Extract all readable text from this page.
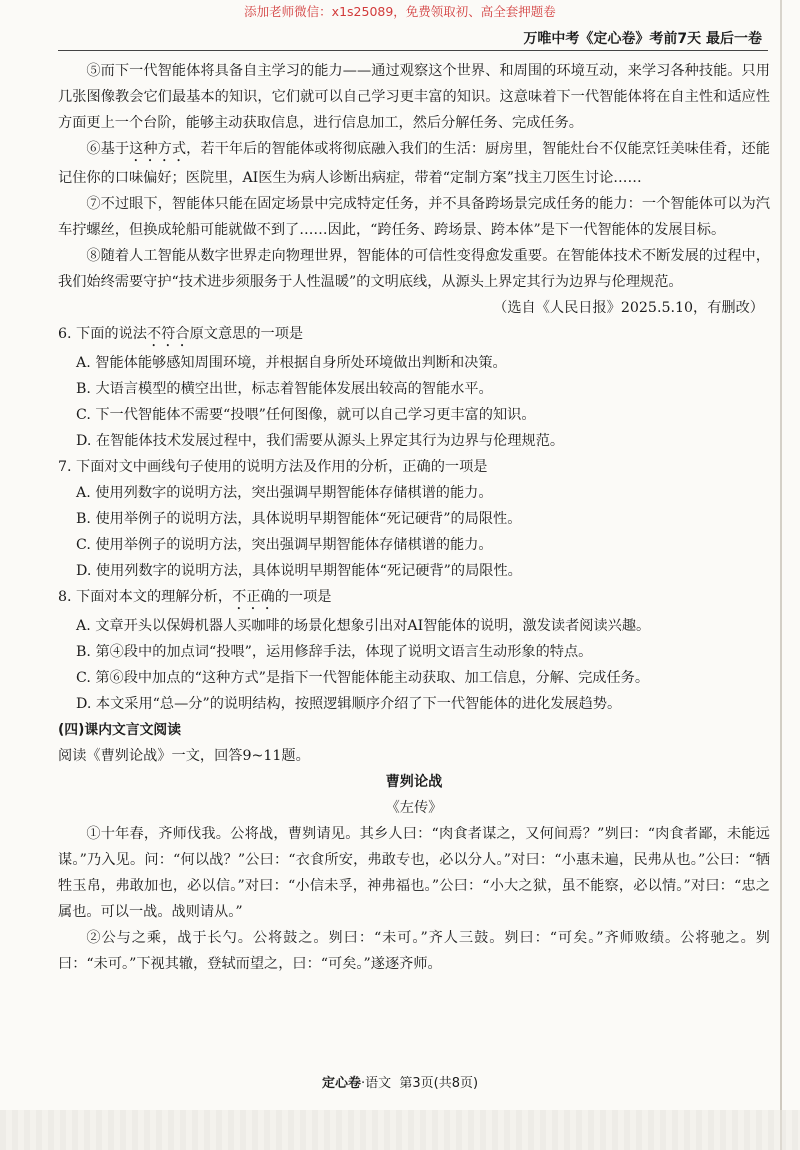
添加老师微信：x1s25089，免费领取初、高全套押题卷
万唯中考《定心卷》考前7天 最后一卷

⑤而下一代智能体将具备自主学习的能力——通过观察这个世界、和周围的环境互动，来学习各种技能。只用几张图像教会它们最基本的知识，它们就可以自己学习更丰富的知识。这意味着下一代智能体将在自主性和适应性方面更上一个台阶，能够主动获取信息，进行信息加工，然后分解任务、完成任务。

⑥基于这种方式，若干年后的智能体或将彻底融入我们的生活：厨房里，智能灶台不仅能烹饪美味佳肴，还能记住你的口味偏好；医院里，AI医生为病人诊断出病症，带着“定制方案”找主刀医生讨论……

⑦不过眼下，智能体只能在固定场景中完成特定任务，并不具备跨场景完成任务的能力：一个智能体可以为汽车拧螺丝，但换成轮船可能就做不到了……因此，“跨任务、跨场景、跨本体”是下一代智能体的发展目标。

⑧随着人工智能从数字世界走向物理世界，智能体的可信性变得愈发重要。在智能体技术不断发展的过程中，我们始终需要守护“技术进步须服务于人性温暖”的文明底线，从源头上界定其行为边界与伦理规范。

（选自《人民日报》2025.5.10，有删改）

6. 下面的说法不符合原文意思的一项是

A. 智能体能够感知周围环境，并根据自身所处环境做出判断和决策。

B. 大语言模型的横空出世，标志着智能体发展出较高的智能水平。

C. 下一代智能体不需要“投喂”任何图像，就可以自己学习更丰富的知识。

D. 在智能体技术发展过程中，我们需要从源头上界定其行为边界与伦理规范。

7. 下面对文中画线句子使用的说明方法及作用的分析，正确的一项是

A. 使用列数字的说明方法，突出强调早期智能体存储棋谱的能力。

B. 使用举例子的说明方法，具体说明早期智能体“死记硬背”的局限性。

C. 使用举例子的说明方法，突出强调早期智能体存储棋谱的能力。

D. 使用列数字的说明方法，具体说明早期智能体“死记硬背”的局限性。

8. 下面对本文的理解分析，不正确的一项是

A. 文章开头以保姆机器人买咖啡的场景化想象引出对AI智能体的说明，激发读者阅读兴趣。

B. 第④段中的加点词“投喂”，运用修辞手法，体现了说明文语言生动形象的特点。

C. 第⑥段中加点的“这种方式”是指下一代智能体能主动获取、加工信息，分解、完成任务。

D. 本文采用“总—分”的说明结构，按照逻辑顺序介绍了下一代智能体的进化发展趋势。

(四)课内文言文阅读

阅读《曹刿论战》一文，回答9~11题。

曹刿论战

《左传》

①十年春，齐师伐我。公将战，曹刿请见。其乡人曰：“肉食者谋之，又何间焉？”刿曰：“肉食者鄙，未能远谋。”乃入见。问：“何以战？”公曰：“衣食所安，弗敢专也，必以分人。”对曰：“小惠未遍，民弗从也。”公曰：“牺牲玉帛，弗敢加也，必以信。”对曰：“小信未孚，神弗福也。”公曰：“小大之狱，虽不能察，必以情。”对曰：“忠之属也。可以一战。战则请从。”

②公与之乘，战于长勺。公将鼓之。刿曰：“未可。”齐人三鼓。刿曰：“可矣。”齐师败绩。公将驰之。刿曰：“未可。”下视其辙，登轼而望之，曰：“可矣。”遂逐齐师。

定心卷·语文 第3页(共8页)
